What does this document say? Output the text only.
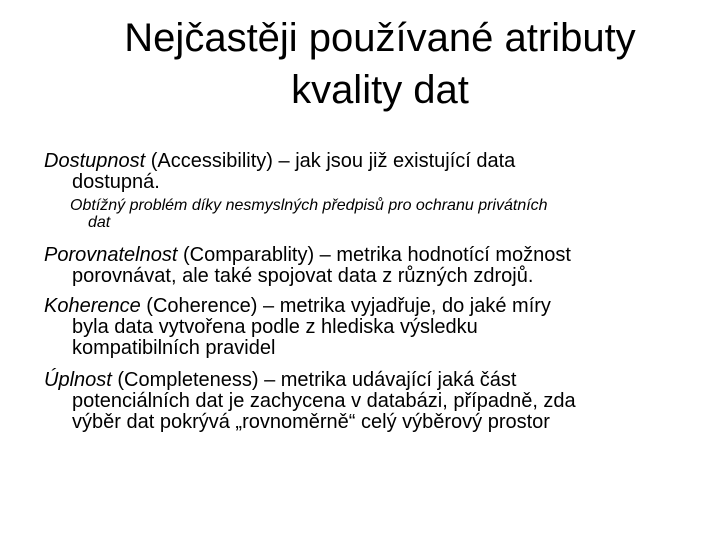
Nejčastěji používané atributy
kvality dat
Dostupnost (Accessibility) – jak jsou již existující data
dostupná.
Obtížný problém díky nesmyslných předpisů pro ochranu privátních
dat
Porovnatelnost (Comparablity) – metrika hodnotící možnost
porovnávat, ale také spojovat data z různých zdrojů.
Koherence (Coherence) – metrika vyjadřuje, do jaké míry
byla data vytvořena podle z hlediska výsledku
kompatibilních pravidel
Úplnost (Completeness) – metrika udávající jaká část
potenciálních dat je zachycena v databázi, případně, zda
výběr dat pokrývá „rovnoměrně“ celý výběrový prostor
